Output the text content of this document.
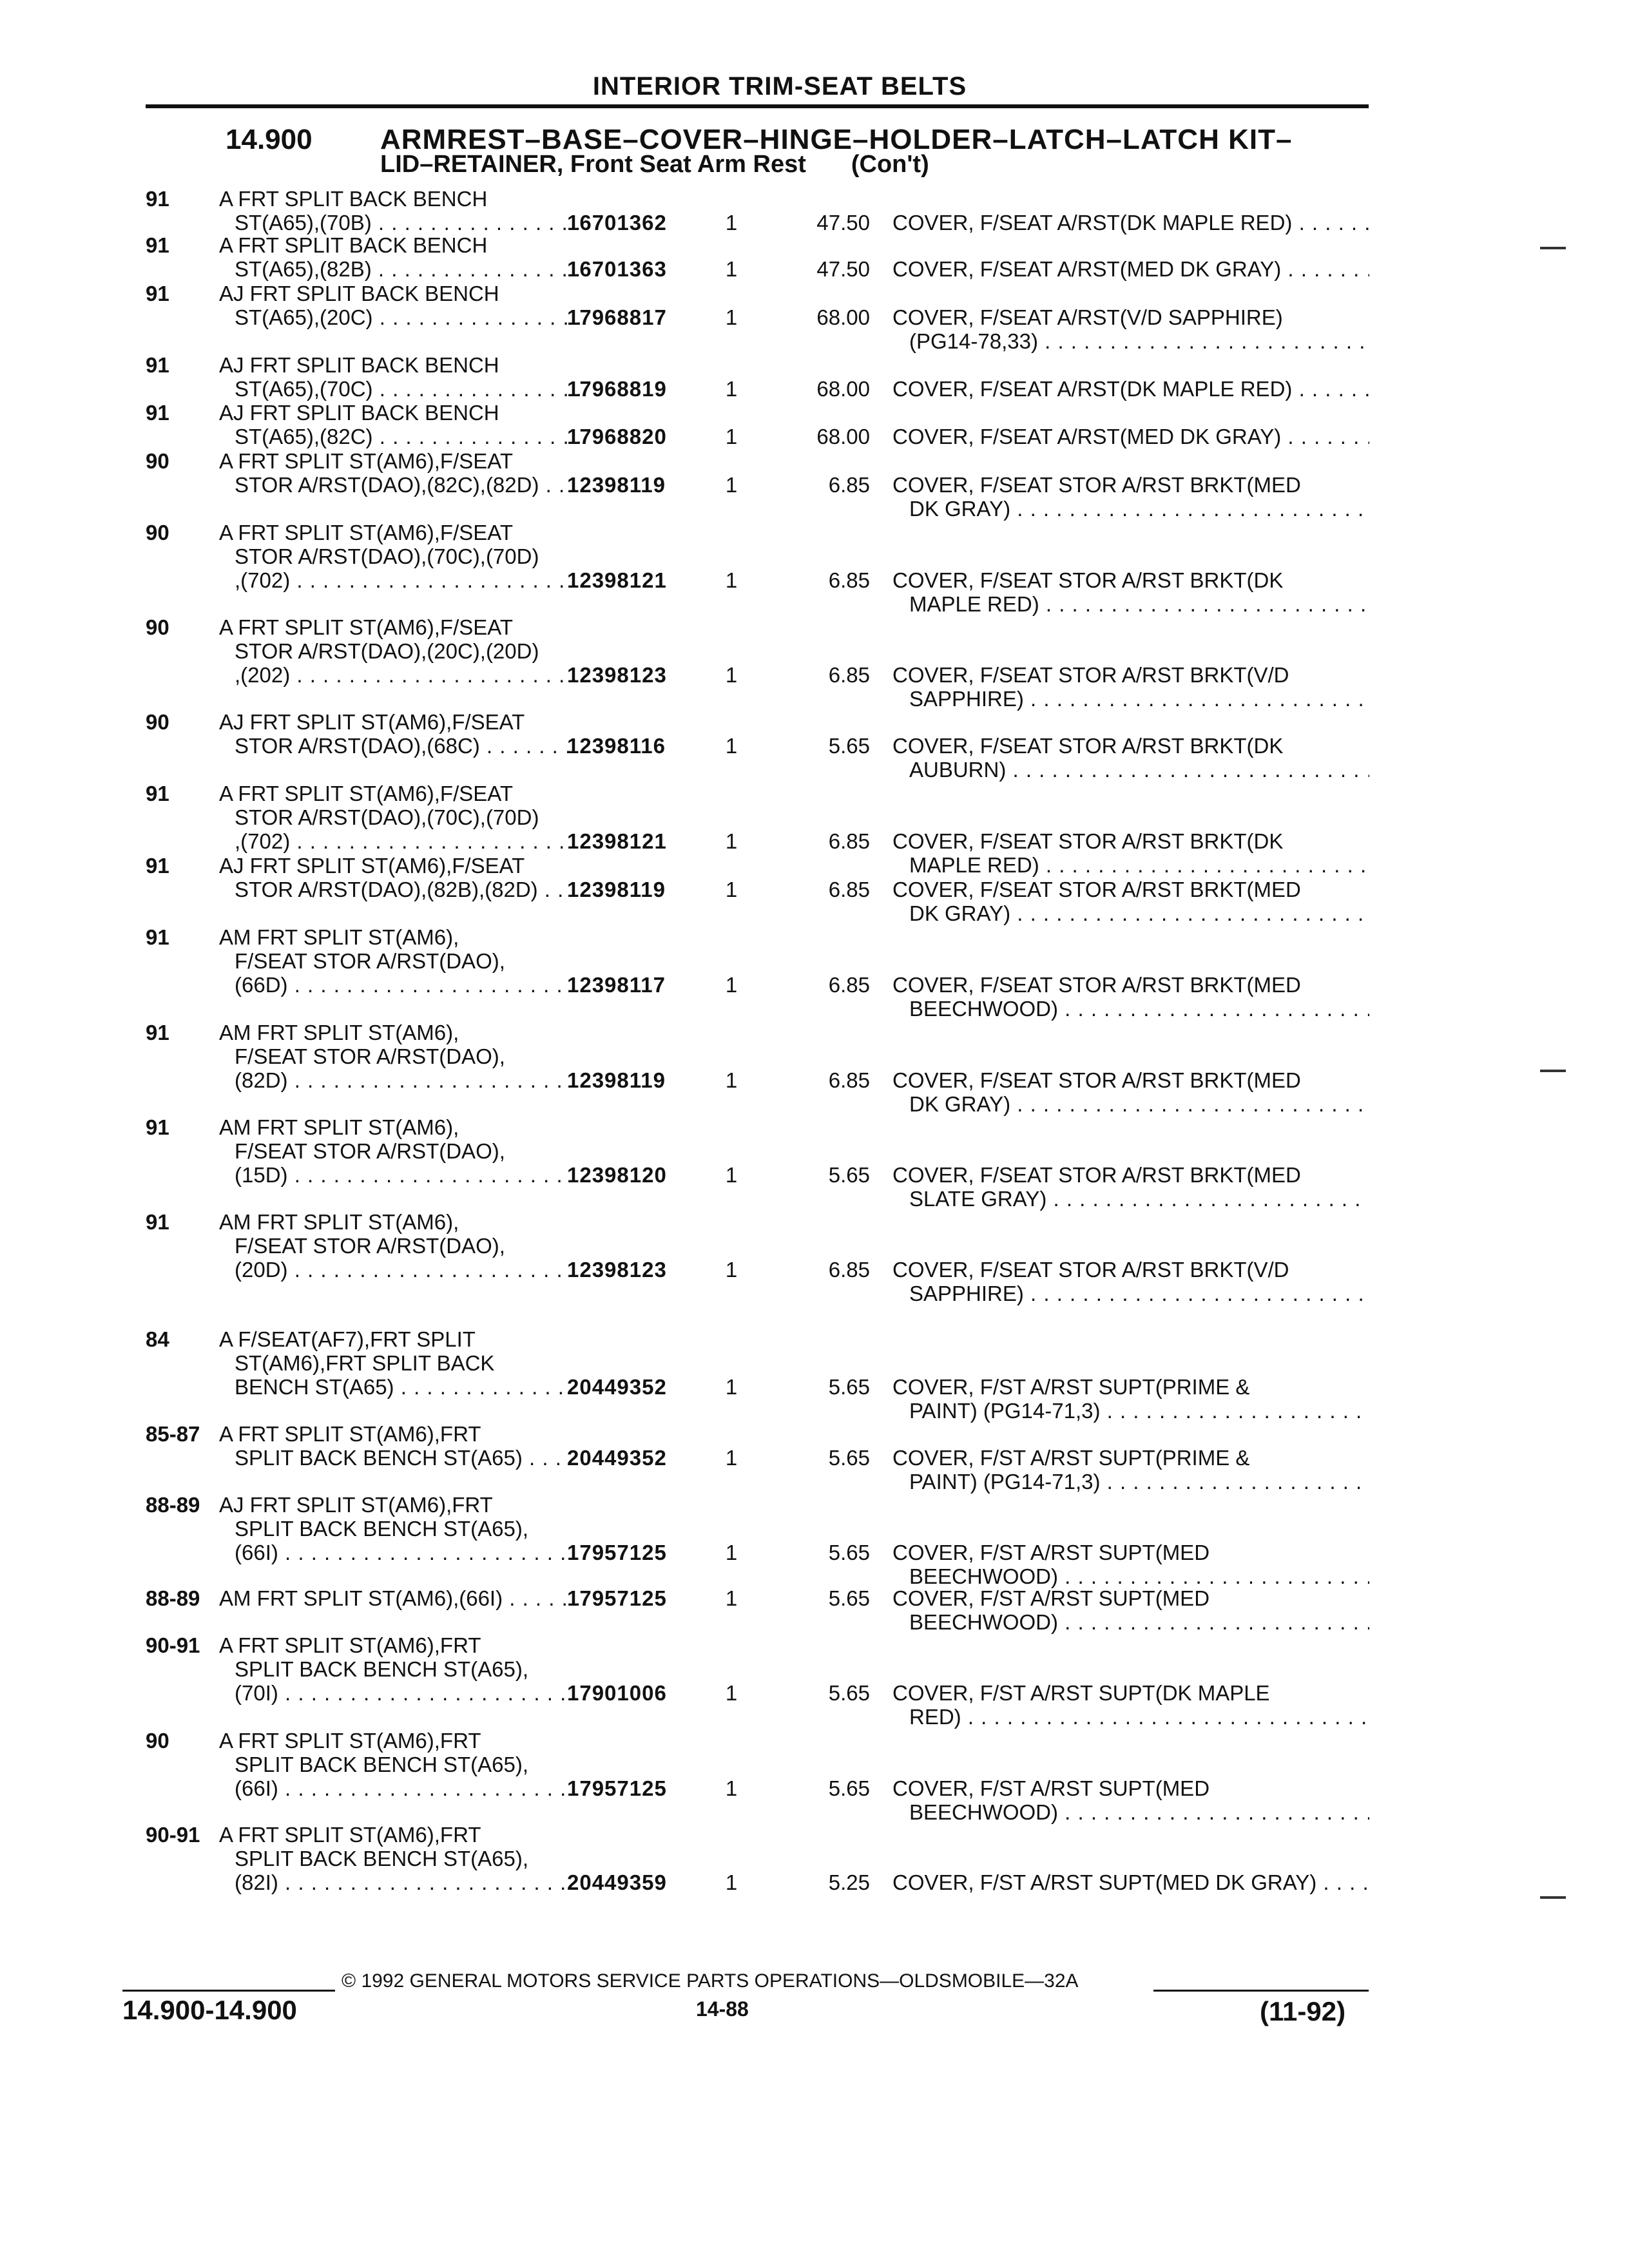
INTERIOR TRIM-SEAT BELTS
14.900 ARMREST–BASE–COVER–HINGE–HOLDER–LATCH–LATCH KIT–
LID–RETAINER, Front Seat Arm Rest (Con't)
91	A FRT SPLIT BACK BENCH
ST(A65),(70B) . . .	16701362	1	47.50 COVER, F/SEAT A/RST(DK MAPLE RED) . . .
91	A FRT SPLIT BACK BENCH
ST(A65),(82B) . . .	16701363	1	47.50 COVER, F/SEAT A/RST(MED DK GRAY) . . .
91	AJ FRT SPLIT BACK BENCH
ST(A65),(20C) . . .	17968817	1	68.00 COVER, F/SEAT A/RST(V/D SAPPHIRE)
(PG14-78,33) . . .
91	AJ FRT SPLIT BACK BENCH
ST(A65),(70C) . . .	17968819	1	68.00 COVER, F/SEAT A/RST(DK MAPLE RED) . . .
91	AJ FRT SPLIT BACK BENCH
ST(A65),(82C) . . .	17968820	1	68.00 COVER, F/SEAT A/RST(MED DK GRAY) . . .
90	A FRT SPLIT ST(AM6),F/SEAT
STOR A/RST(DAO),(82C),(82D) . . .	12398119	1	6.85 COVER, F/SEAT STOR A/RST BRKT(MED
DK GRAY) . . .
90	A FRT SPLIT ST(AM6),F/SEAT
STOR A/RST(DAO),(70C),(70D)
,(702) . . .	12398121	1	6.85 COVER, F/SEAT STOR A/RST BRKT(DK
MAPLE RED) . . .
90	A FRT SPLIT ST(AM6),F/SEAT
STOR A/RST(DAO),(20C),(20D)
,(202) . . .	12398123	1	6.85 COVER, F/SEAT STOR A/RST BRKT(V/D
SAPPHIRE) . . .
90	AJ FRT SPLIT ST(AM6),F/SEAT
STOR A/RST(DAO),(68C) . . .	12398116	1	5.65 COVER, F/SEAT STOR A/RST BRKT(DK
AUBURN) . . .
91	A FRT SPLIT ST(AM6),F/SEAT
STOR A/RST(DAO),(70C),(70D)
,(702) . . .	12398121	1	6.85 COVER, F/SEAT STOR A/RST BRKT(DK
MAPLE RED) . . .
91	AJ FRT SPLIT ST(AM6),F/SEAT
STOR A/RST(DAO),(82B),(82D) . . .	12398119	1	6.85 COVER, F/SEAT STOR A/RST BRKT(MED
DK GRAY) . . .
91	AM FRT SPLIT ST(AM6),
F/SEAT STOR A/RST(DAO),
(66D) . . .	12398117	1	6.85 COVER, F/SEAT STOR A/RST BRKT(MED
BEECHWOOD) . . .
91	AM FRT SPLIT ST(AM6),
F/SEAT STOR A/RST(DAO),
(82D) . . .	12398119	1	6.85 COVER, F/SEAT STOR A/RST BRKT(MED
DK GRAY) . . .
91	AM FRT SPLIT ST(AM6),
F/SEAT STOR A/RST(DAO),
(15D) . . .	12398120	1	5.65 COVER, F/SEAT STOR A/RST BRKT(MED
SLATE GRAY) . . .
91	AM FRT SPLIT ST(AM6),
F/SEAT STOR A/RST(DAO),
(20D) . . .	12398123	1	6.85 COVER, F/SEAT STOR A/RST BRKT(V/D
SAPPHIRE) . . .
84	A F/SEAT(AF7),FRT SPLIT
ST(AM6),FRT SPLIT BACK
BENCH ST(A65) . . .	20449352	1	5.65 COVER, F/ST A/RST SUPT(PRIME &
PAINT) (PG14-71,3) . . .
85-87 A FRT SPLIT ST(AM6),FRT
SPLIT BACK BENCH ST(A65) . . .	20449352	1	5.65 COVER, F/ST A/RST SUPT(PRIME &
PAINT) (PG14-71,3) . . .
88-89 AJ FRT SPLIT ST(AM6),FRT
SPLIT BACK BENCH ST(A65),
(66I) . . .	17957125	1	5.65 COVER, F/ST A/RST SUPT(MED
BEECHWOOD) . . .
88-89 AM FRT SPLIT ST(AM6),(66I) . . .	17957125	1	5.65 COVER, F/ST A/RST SUPT(MED
BEECHWOOD) . . .
90-91 A FRT SPLIT ST(AM6),FRT
SPLIT BACK BENCH ST(A65),
(70I) . . .	17901006	1	5.65 COVER, F/ST A/RST SUPT(DK MAPLE
RED) . . .
90	A FRT SPLIT ST(AM6),FRT
SPLIT BACK BENCH ST(A65),
(66I) . . .	17957125	1	5.65 COVER, F/ST A/RST SUPT(MED
BEECHWOOD) . . .
90-91 A FRT SPLIT ST(AM6),FRT
SPLIT BACK BENCH ST(A65),
(82I) . . .	20449359	1	5.25 COVER, F/ST A/RST SUPT(MED DK GRAY) . . .
© 1992 GENERAL MOTORS SERVICE PARTS OPERATIONS—OLDSMOBILE—32A
14.900-14.900	14-88	(11-92)
